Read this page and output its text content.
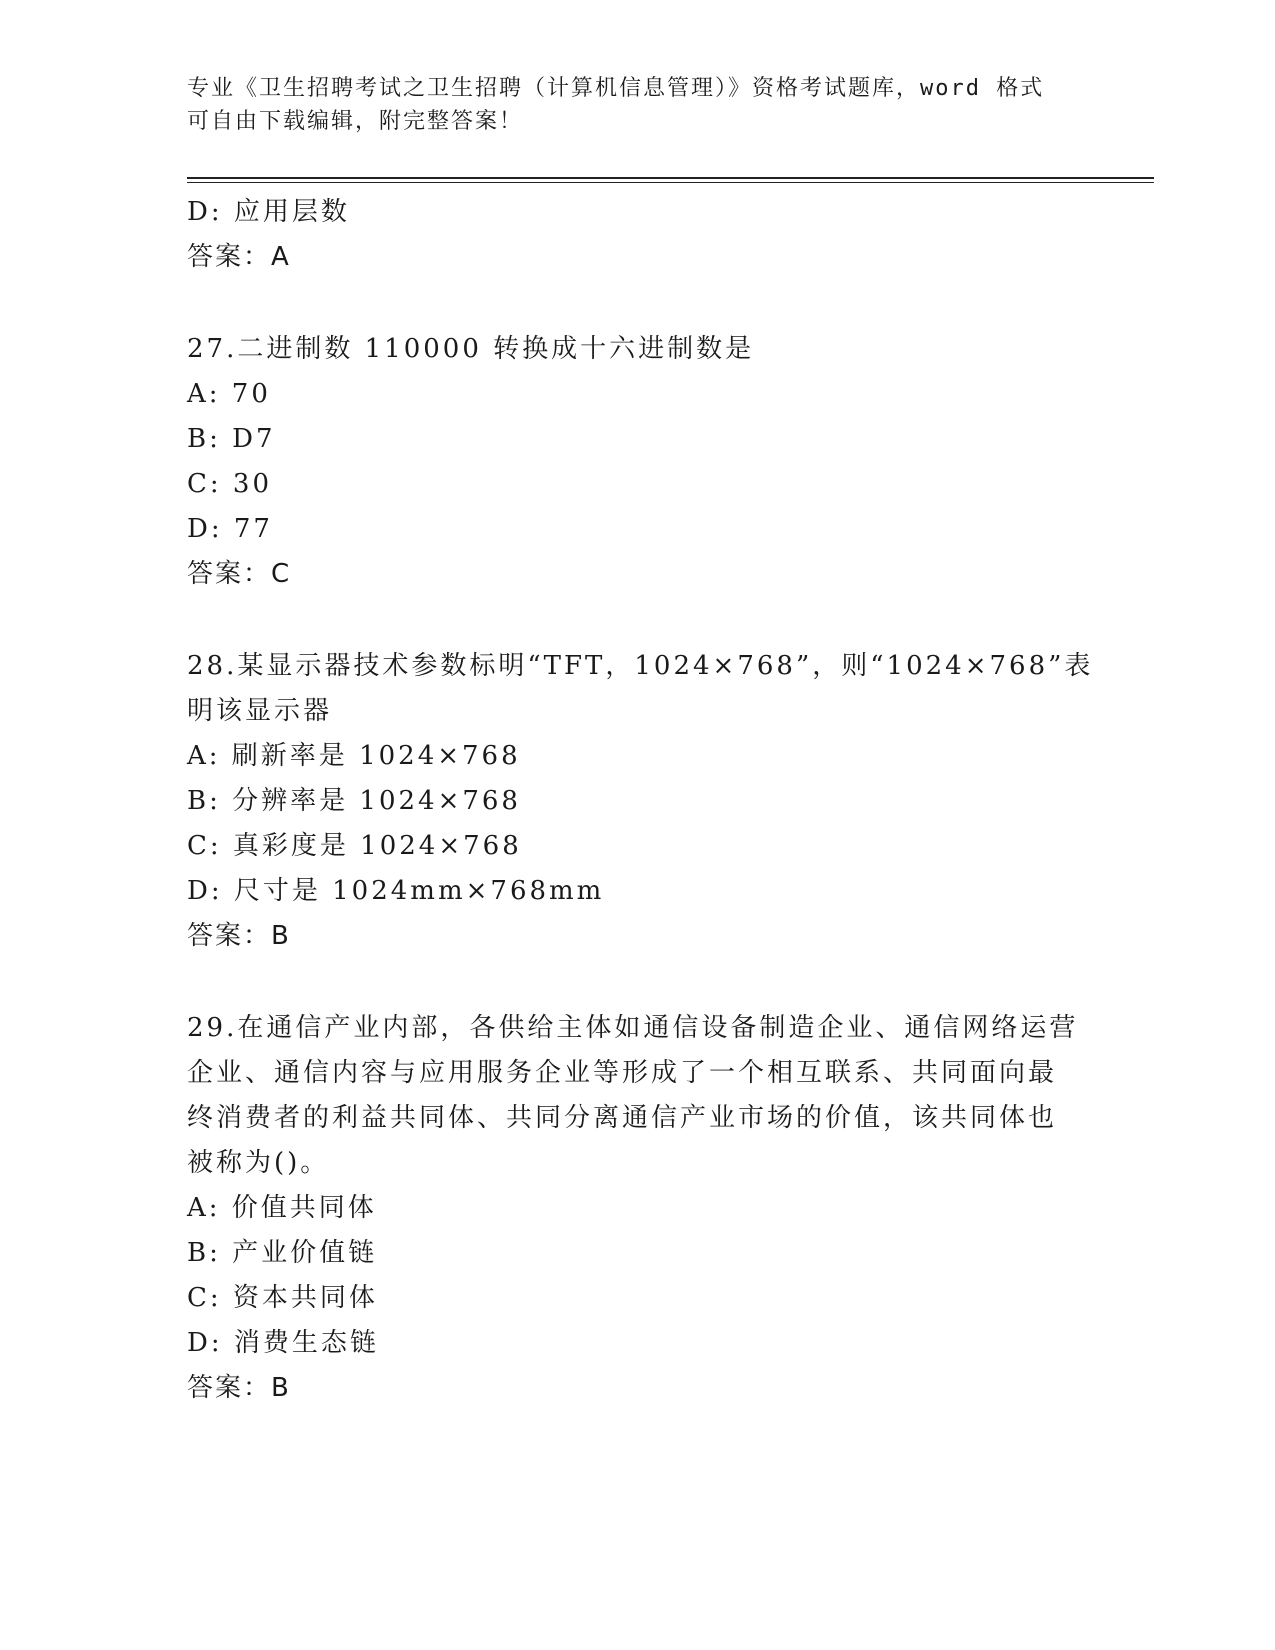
专业《卫生招聘考试之卫生招聘（计算机信息管理）》资格考试题库，word 格式
可自由下载编辑，附完整答案！
D: 应用层数
答案：A
27.二进制数 110000 转换成十六进制数是
A: 70
B: D7
C: 30
D: 77
答案：C
28.某显示器技术参数标明“TFT，1024×768”，则“1024×768”表
明该显示器
A: 刷新率是 1024×768
B: 分辨率是 1024×768
C: 真彩度是 1024×768
D: 尺寸是 1024mm×768mm
答案：B
29.在通信产业内部，各供给主体如通信设备制造企业、通信网络运营
企业、通信内容与应用服务企业等形成了一个相互联系、共同面向最
终消费者的利益共同体、共同分离通信产业市场的价值，该共同体也
被称为()。
A: 价值共同体
B: 产业价值链
C: 资本共同体
D: 消费生态链
答案：B
